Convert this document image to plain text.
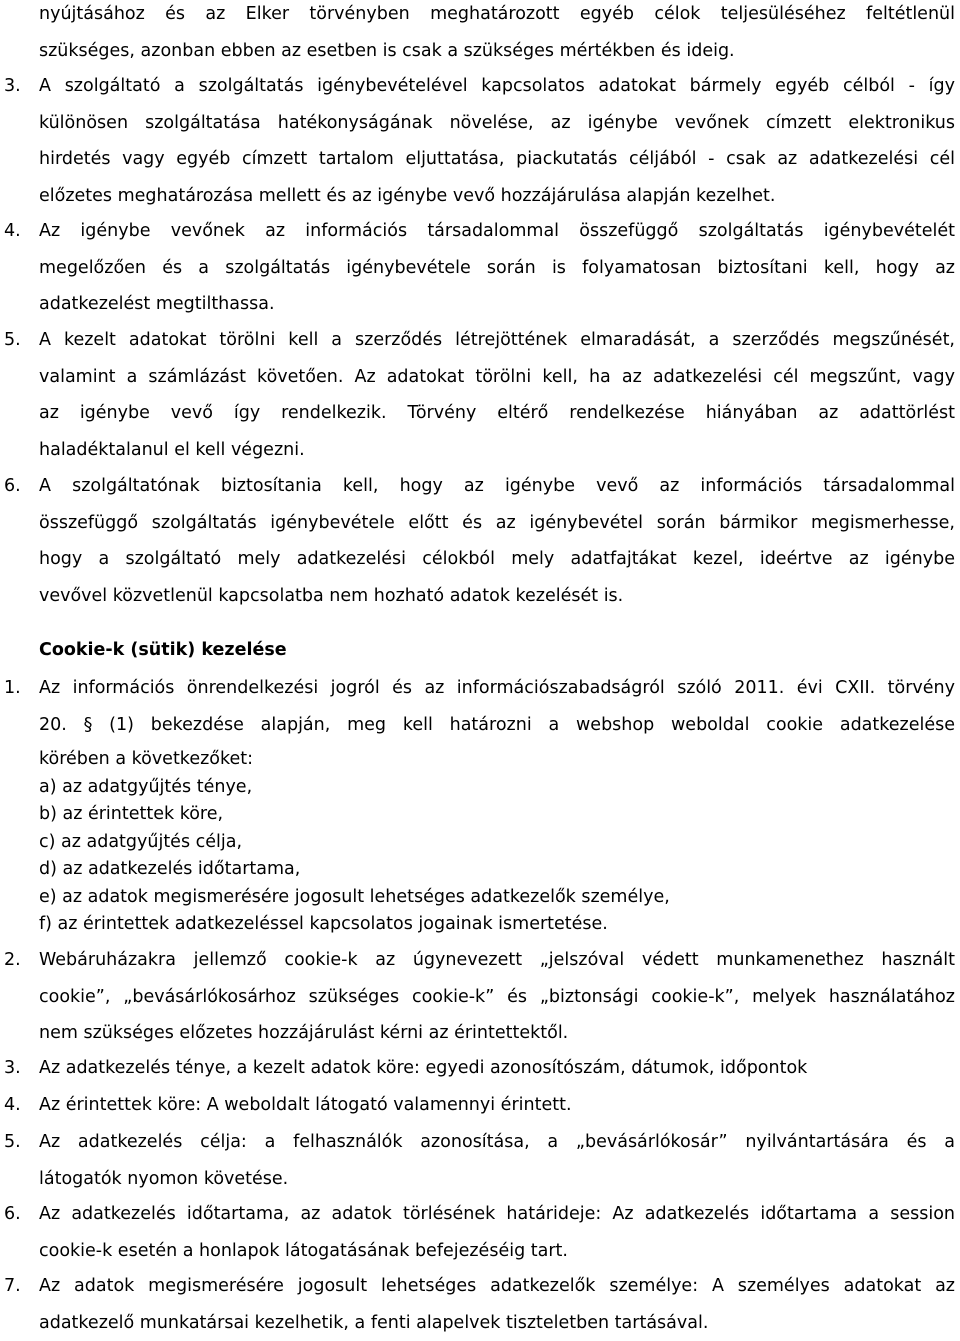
nyújtásához és az Elker törvényben meghatározott egyéb célok teljesüléséhez feltétlenül
szükséges, azonban ebben az esetben is csak a szükséges mértékben és ideig.
3. A szolgáltató a szolgáltatás igénybevételével kapcsolatos adatokat bármely egyéb célból - így
különösen szolgáltatása hatékonyságának növelése, az igénybe vevőnek címzett elektronikus
hirdetés vagy egyéb címzett tartalom eljuttatása, piackutatás céljából - csak az adatkezelési cél
előzetes meghatározása mellett és az igénybe vevő hozzájárulása alapján kezelhet.
4. Az igénybe vevőnek az információs társadalommal összefüggő szolgáltatás igénybevételét
megelőzően és a szolgáltatás igénybevétele során is folyamatosan biztosítani kell, hogy az
adatkezelést megtilthassa.
5. A kezelt adatokat törölni kell a szerződés létrejöttének elmaradását, a szerződés megszűnését,
valamint a számlázást követően. Az adatokat törölni kell, ha az adatkezelési cél megszűnt, vagy
az igénybe vevő így rendelkezik. Törvény eltérő rendelkezése hiányában az adattörlést
haladéktalanul el kell végezni.
6. A szolgáltatónak biztosítania kell, hogy az igénybe vevő az információs társadalommal
összefüggő szolgáltatás igénybevétele előtt és az igénybevétel során bármikor megismerhesse,
hogy a szolgáltató mely adatkezelési célokból mely adatfajtákat kezel, ideértve az igénybe
vevővel közvetlenül kapcsolatba nem hozható adatok kezelését is.
Cookie-k (sütik) kezelése
1. Az információs önrendelkezési jogról és az információszabadságról szóló 2011. évi CXII. törvény
20. § (1) bekezdése alapján, meg kell határozni a webshop weboldal cookie adatkezelése
körében a következőket:
a) az adatgyűjtés ténye,
b) az érintettek köre,
c) az adatgyűjtés célja,
d) az adatkezelés időtartama,
e) az adatok megismerésére jogosult lehetséges adatkezelők személye,
f) az érintettek adatkezeléssel kapcsolatos jogainak ismertetése.
2. Webáruházakra jellemző cookie-k az úgynevezett „jelszóval védett munkamenethez használt
cookie”, „bevásárlókosárhoz szükséges cookie-k” és „biztonsági cookie-k”, melyek használatához
nem szükséges előzetes hozzájárulást kérni az érintettektől.
3. Az adatkezelés ténye, a kezelt adatok köre: egyedi azonosítószám, dátumok, időpontok
4. Az érintettek köre: A weboldalt látogató valamennyi érintett.
5. Az adatkezelés célja: a felhasználók azonosítása, a „bevásárlókosár” nyilvántartására és a
látogatók nyomon követése.
6. Az adatkezelés időtartama, az adatok törlésének határideje: Az adatkezelés időtartama a session
cookie-k esetén a honlapok látogatásának befejezéséig tart.
7. Az adatok megismerésére jogosult lehetséges adatkezelők személye: A személyes adatokat az
adatkezelő munkatársai kezelhetik, a fenti alapelvek tiszteletben tartásával.
